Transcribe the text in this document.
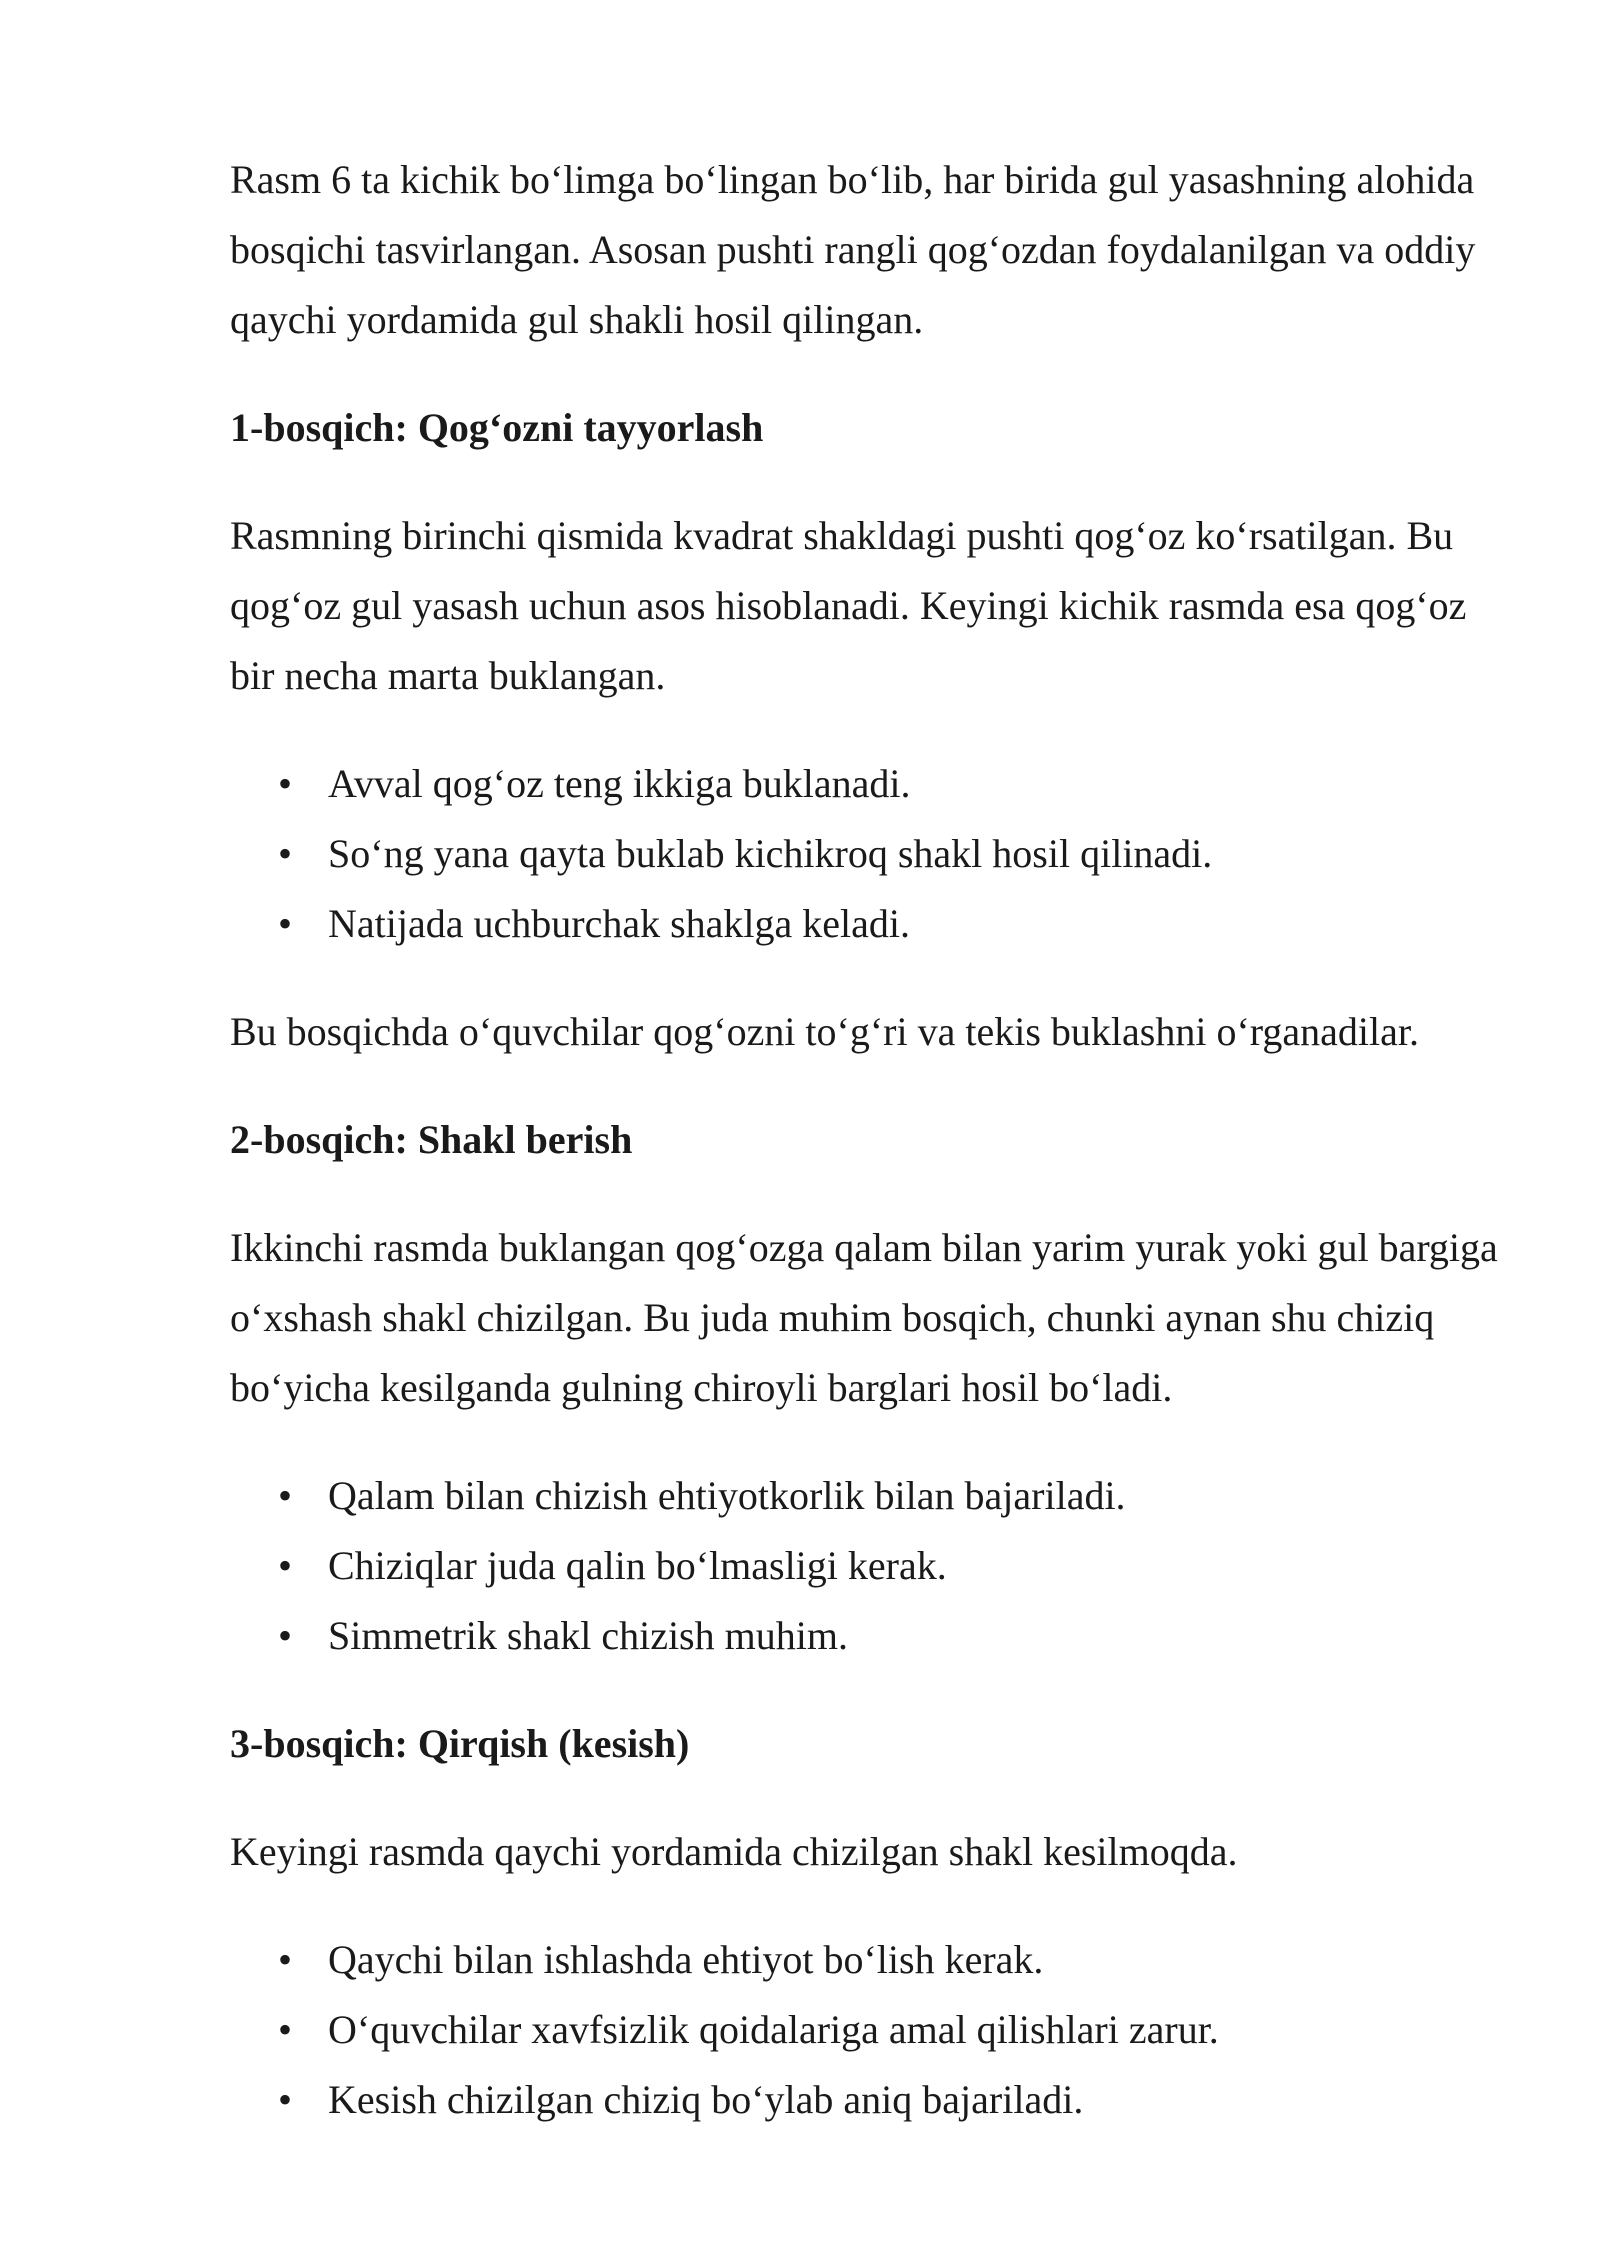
Rasm 6 ta kichik bo‘limga bo‘lingan bo‘lib, har birida gul yasashning alohida bosqichi tasvirlangan. Asosan pushti rangli qog‘ozdan foydalanilgan va oddiy qaychi yordamida gul shakli hosil qilingan.

1-bosqich: Qog‘ozni tayyorlash

Rasmning birinchi qismida kvadrat shakldagi pushti qog‘oz ko‘rsatilgan. Bu qog‘oz gul yasash uchun asos hisoblanadi. Keyingi kichik rasmda esa qog‘oz bir necha marta buklangan.

• Avval qog‘oz teng ikkiga buklanadi.
• So‘ng yana qayta buklab kichikroq shakl hosil qilinadi.
• Natijada uchburchak shaklga keladi.

Bu bosqichda o‘quvchilar qog‘ozni to‘g‘ri va tekis buklashni o‘rganadilar.

2-bosqich: Shakl berish

Ikkinchi rasmda buklangan qog‘ozga qalam bilan yarim yurak yoki gul bargiga o‘xshash shakl chizilgan. Bu juda muhim bosqich, chunki aynan shu chiziq bo‘yicha kesilganda gulning chiroyli barglari hosil bo‘ladi.

• Qalam bilan chizish ehtiyotkorlik bilan bajariladi.
• Chiziqlar juda qalin bo‘lmasligi kerak.
• Simmetrik shakl chizish muhim.
3-bosqich: Qirqish (kesish)

Keyingi rasmda qaychi yordamida chizilgan shakl kesilmoqda.

• Qaychi bilan ishlashda ehtiyot bo‘lish kerak.
• O‘quvchilar xavfsizlik qoidalariga amal qilishlari zarur.
• Kesish chizilgan chiziq bo‘ylab aniq bajariladi.
